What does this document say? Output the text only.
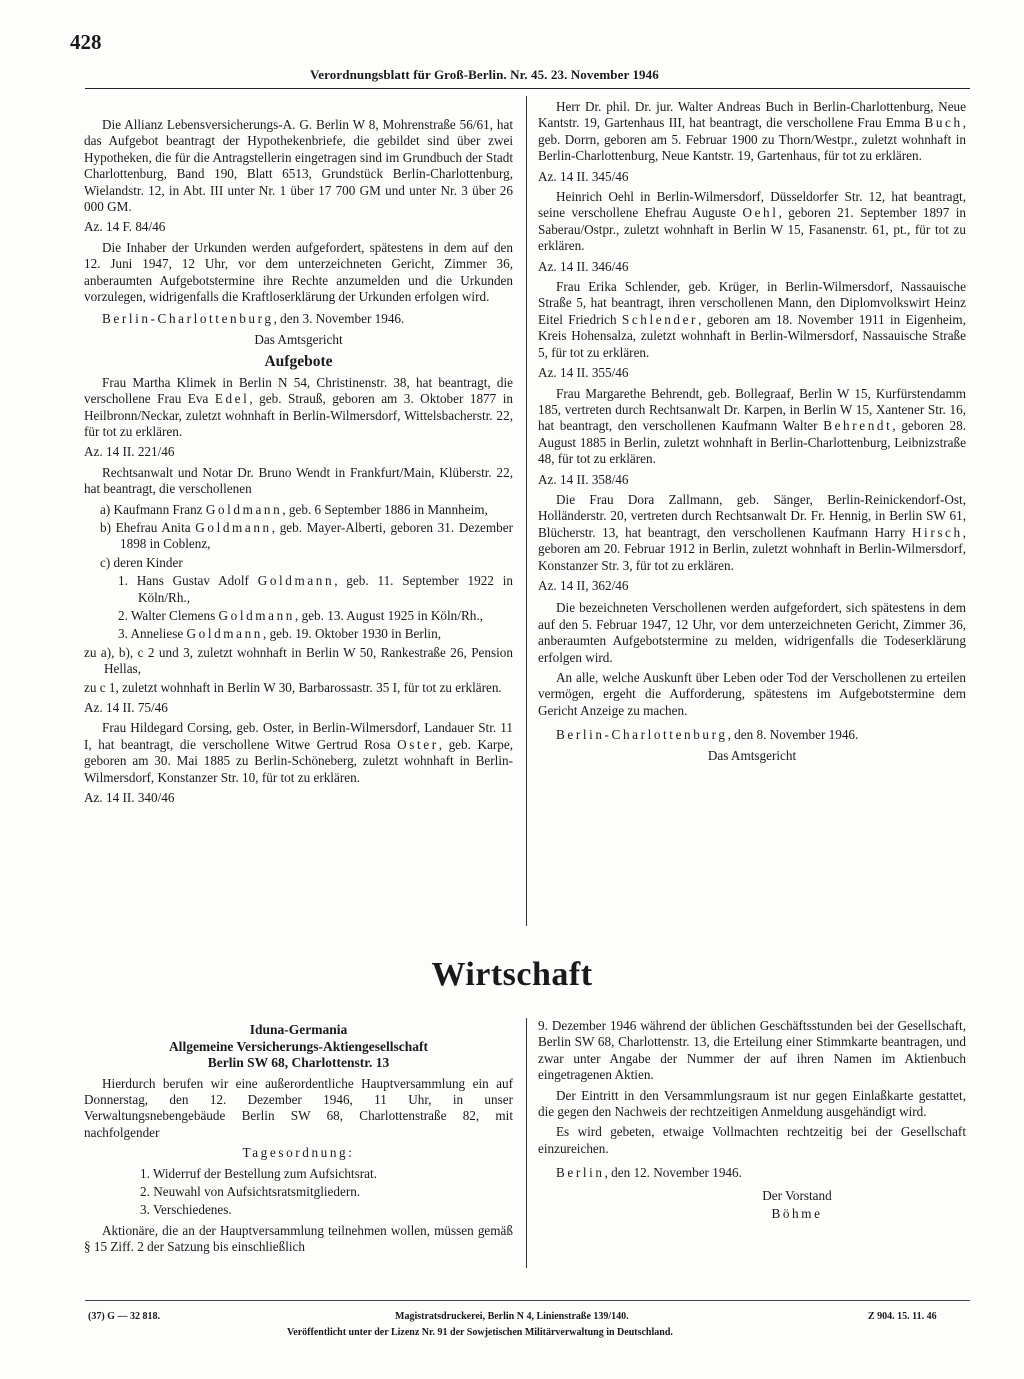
428
Verordnungsblatt für Groß-Berlin. Nr. 45. 23. November 1946

Die Allianz Lebensversicherungs-A. G. Berlin W 8, Mohrenstraße 56/61, hat das Aufgebot beantragt der Hypothekenbriefe, die gebildet sind über zwei Hypotheken, die für die Antragstellerin eingetragen sind im Grundbuch der Stadt Charlottenburg, Band 190, Blatt 6513, Grundstück Berlin-Charlottenburg, Wielandstr. 12, in Abt. III unter Nr. 1 über 17 700 GM und unter Nr. 3 über 26 000 GM.

Az. 14 F. 84/46

Die Inhaber der Urkunden werden aufgefordert, spätestens in dem auf den 12. Juni 1947, 12 Uhr, vor dem unterzeichneten Gericht, Zimmer 36, anberaumten Aufgebotstermine ihre Rechte anzumelden und die Urkunden vorzulegen, widrigenfalls die Kraftloserklärung der Urkunden erfolgen wird.

Berlin-Charlottenburg, den 3. November 1946.

Das Amtsgericht

Aufgebote

Frau Martha Klimek in Berlin N 54, Christinenstr. 38, hat beantragt, die verschollene Frau Eva Edel, geb. Strauß, geboren am 3. Oktober 1877 in Heilbronn/Neckar, zuletzt wohnhaft in Berlin-Wilmersdorf, Wittelsbacherstr. 22, für tot zu erklären.

Az. 14 II. 221/46

Rechtsanwalt und Notar Dr. Bruno Wendt in Frankfurt/Main, Klüberstr. 22, hat beantragt, die verschollenen

a) Kaufmann Franz Goldmann, geb. 6 September 1886 in Mannheim,

b) Ehefrau Anita Goldmann, geb. Mayer-Alberti, geboren 31. Dezember 1898 in Coblenz,

c) deren Kinder

1. Hans Gustav Adolf Goldmann, geb. 11. September 1922 in Köln/Rh.,

2. Walter Clemens Goldmann, geb. 13. August 1925 in Köln/Rh.,

3. Anneliese Goldmann, geb. 19. Oktober 1930 in Berlin,

zu a), b), c 2 und 3, zuletzt wohnhaft in Berlin W 50, Rankestraße 26, Pension Hellas,

zu c 1, zuletzt wohnhaft in Berlin W 30, Barbarossastr. 35 I, für tot zu erklären.

Az. 14 II. 75/46

Frau Hildegard Corsing, geb. Oster, in Berlin-Wilmersdorf, Landauer Str. 11 I, hat beantragt, die verschollene Witwe Gertrud Rosa Oster, geb. Karpe, geboren am 30. Mai 1885 zu Berlin-Schöneberg, zuletzt wohnhaft in Berlin-Wilmersdorf, Konstanzer Str. 10, für tot zu erklären.

Az. 14 II. 340/46

Herr Dr. phil. Dr. jur. Walter Andreas Buch in Berlin-Charlottenburg, Neue Kantstr. 19, Gartenhaus III, hat beantragt, die verschollene Frau Emma Buch, geb. Dorrn, geboren am 5. Februar 1900 zu Thorn/Westpr., zuletzt wohnhaft in Berlin-Charlottenburg, Neue Kantstr. 19, Gartenhaus, für tot zu erklären.

Az. 14 II. 345/46

Heinrich Oehl in Berlin-Wilmersdorf, Düsseldorfer Str. 12, hat beantragt, seine verschollene Ehefrau Auguste Oehl, geboren 21. September 1897 in Saberau/Ostpr., zuletzt wohnhaft in Berlin W 15, Fasanenstr. 61, pt., für tot zu erklären.

Az. 14 II. 346/46

Frau Erika Schlender, geb. Krüger, in Berlin-Wilmersdorf, Nassauische Straße 5, hat beantragt, ihren verschollenen Mann, den Diplomvolkswirt Heinz Eitel Friedrich Schlender, geboren am 18. November 1911 in Eigenheim, Kreis Hohensalza, zuletzt wohnhaft in Berlin-Wilmersdorf, Nassauische Straße 5, für tot zu erklären.

Az. 14 II. 355/46

Frau Margarethe Behrendt, geb. Bollegraaf, Berlin W 15, Kurfürstendamm 185, vertreten durch Rechtsanwalt Dr. Karpen, in Berlin W 15, Xantener Str. 16, hat beantragt, den verschollenen Kaufmann Walter Behrendt, geboren 28. August 1885 in Berlin, zuletzt wohnhaft in Berlin-Charlottenburg, Leibnizstraße 48, für tot zu erklären.

Az. 14 II. 358/46

Die Frau Dora Zallmann, geb. Sänger, Berlin-Reinickendorf-Ost, Holländerstr. 20, vertreten durch Rechtsanwalt Dr. Fr. Hennig, in Berlin SW 61, Blücherstr. 13, hat beantragt, den verschollenen Kaufmann Harry Hirsch, geboren am 20. Februar 1912 in Berlin, zuletzt wohnhaft in Berlin-Wilmersdorf, Konstanzer Str. 3, für tot zu erklären.

Az. 14 II, 362/46

Die bezeichneten Verschollenen werden aufgefordert, sich spätestens in dem auf den 5. Februar 1947, 12 Uhr, vor dem unterzeichneten Gericht, Zimmer 36, anberaumten Aufgebotstermine zu melden, widrigenfalls die Todeserklärung erfolgen wird.

An alle, welche Auskunft über Leben oder Tod der Verschollenen zu erteilen vermögen, ergeht die Aufforderung, spätestens im Aufgebotstermine dem Gericht Anzeige zu machen.

Berlin-Charlottenburg, den 8. November 1946.

Das Amtsgericht

Wirtschaft
Iduna-Germania
Allgemeine Versicherungs-Aktiengesellschaft
Berlin SW 68, Charlottenstr. 13

Hierdurch berufen wir eine außerordentliche Hauptversammlung ein auf Donnerstag, den 12. Dezember 1946, 11 Uhr, in unser Verwaltungsnebengebäude Berlin SW 68, Charlottenstraße 82, mit nachfolgender

Tagesordnung:

1. Widerruf der Bestellung zum Aufsichtsrat.

2. Neuwahl von Aufsichtsratsmitgliedern.

3. Verschiedenes.

Aktionäre, die an der Hauptversammlung teilnehmen wollen, müssen gemäß § 15 Ziff. 2 der Satzung bis einschließlich

9. Dezember 1946 während der üblichen Geschäftsstunden bei der Gesellschaft, Berlin SW 68, Charlottenstr. 13, die Erteilung einer Stimmkarte beantragen, und zwar unter Angabe der Nummer der auf ihren Namen im Aktienbuch eingetragenen Aktien.

Der Eintritt in den Versammlungsraum ist nur gegen Einlaßkarte gestattet, die gegen den Nachweis der rechtzeitigen Anmeldung ausgehändigt wird.

Es wird gebeten, etwaige Vollmachten rechtzeitig bei der Gesellschaft einzureichen.

Berlin, den 12. November 1946.

Der Vorstand

Böhme

(37) G — 32 818.	Magistratsdruckerei, Berlin N 4, Linienstraße 139/140.	Z 904. 15. 11. 46
Veröffentlicht unter der Lizenz Nr. 91 der Sowjetischen Militärverwaltung in Deutschland.
